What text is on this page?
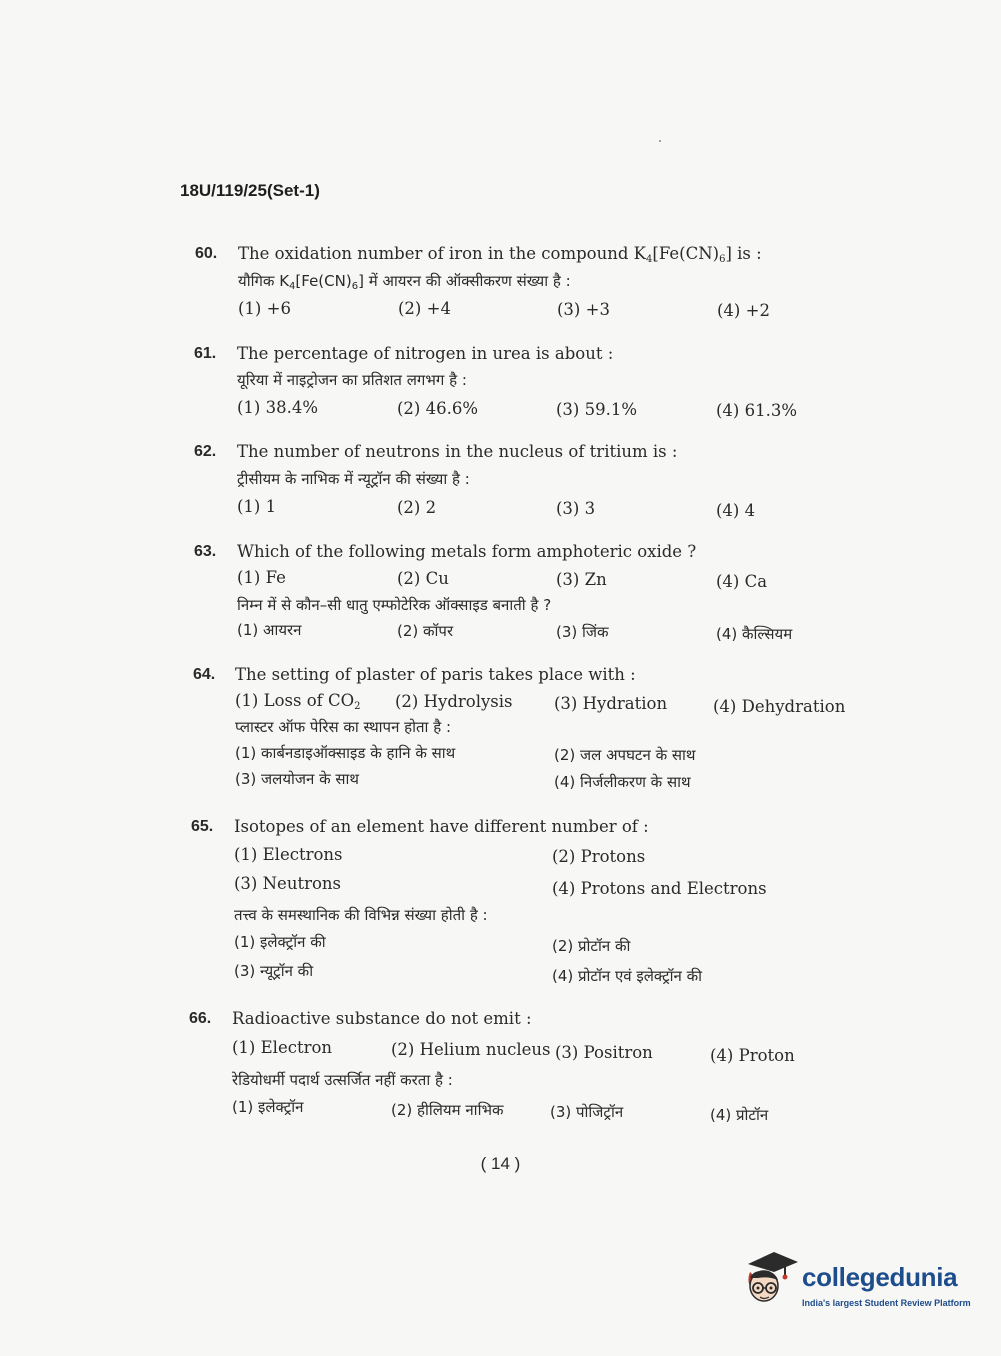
18U/119/25(Set-1)
60. The oxidation number of iron in the compound $K_4[Fe(CN)_6]$ is :
यौगिक $K_4[Fe(CN)_6]$ में आयरन की ऑक्सीकरण संख्या है :
(1) +6	(2) +4	(3) +3	(4) +2
61. The percentage of nitrogen in urea is about :
यूरिया में नाइट्रोजन का प्रतिशत लगभग है :
(1) 38.4%	(2) 46.6%	(3) 59.1%	(4) 61.3%
62. The number of neutrons in the nucleus of tritium is :
ट्रीसीयम के नाभिक में न्यूट्रॉन की संख्या है :
(1) 1	(2) 2	(3) 3	(4) 4
63. Which of the following metals form amphoteric oxide ?
(1) Fe	(2) Cu	(3) Zn	(4) Ca
निम्न में से कौन–सी धातु एम्फोटेरिक ऑक्साइड बनाती है ?
(1) आयरन	(2) कॉपर	(3) जिंक	(4) कैल्सियम
64. The setting of plaster of paris takes place with :
(1) Loss of $CO_2$ (2) Hydrolysis	(3) Hydration	(4) Dehydration
प्लास्टर ऑफ पेरिस का स्थापन होता है :
(1) कार्बनडाइऑक्साइड के हानि के साथ	(2) जल अपघटन के साथ
(3) जलयोजन के साथ	(4) निर्जलीकरण के साथ
65. Isotopes of an element have different number of :
(1) Electrons	(2) Protons
(3) Neutrons	(4) Protons and Electrons
तत्त्व के समस्थानिक की विभिन्न संख्या होती है :
(1) इलेक्ट्रॉन की	(2) प्रोटॉन की
(3) न्यूट्रॉन की	(4) प्रोटॉन एवं इलेक्ट्रॉन की
66. Radioactive substance do not emit :
(1) Electron	(2) Helium nucleus (3) Positron	(4) Proton
रेडियोधर्मी पदार्थ उत्सर्जित नहीं करता है :
(1) इलेक्ट्रॉन	(2) हीलियम नाभिक	(3) पोजिट्रॉन	(4) प्रोटॉन
( 14 )
collegedunia
India's largest Student Review Platform
